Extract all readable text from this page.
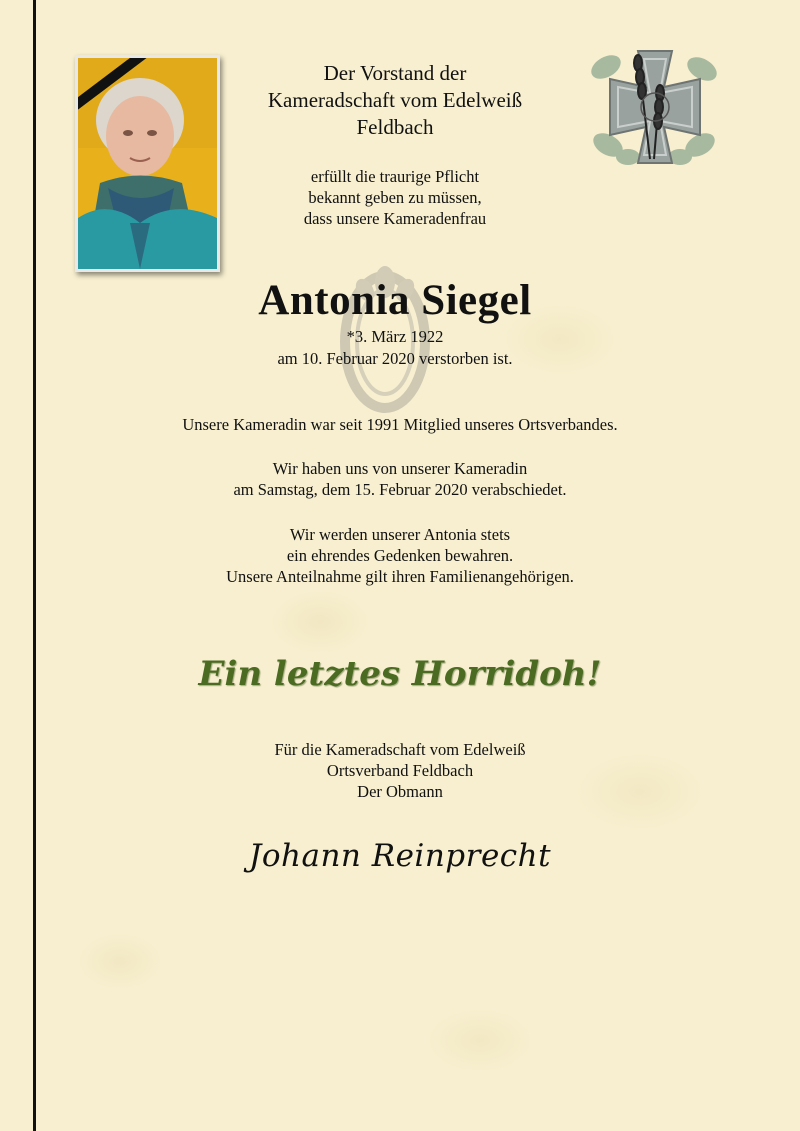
Der Vorstand der
Kameradschaft vom Edelweiß
Feldbach
erfüllt die traurige Pflicht
bekannt geben zu müssen,
dass unsere Kameradenfrau
Antonia Siegel
*3. März 1922
am 10. Februar 2020 verstorben ist.
Unsere Kameradin war seit 1991 Mitglied unseres Ortsverbandes.
Wir haben uns von unserer Kameradin
am Samstag, dem 15. Februar 2020 verabschiedet.
Wir werden unserer Antonia stets
ein ehrendes Gedenken bewahren.
Unsere Anteilnahme gilt ihren Familienangehörigen.
Ein letztes Horridoh!
Für die Kameradschaft vom Edelweiß
Ortsverband Feldbach
Der Obmann
Johann Reinprecht
